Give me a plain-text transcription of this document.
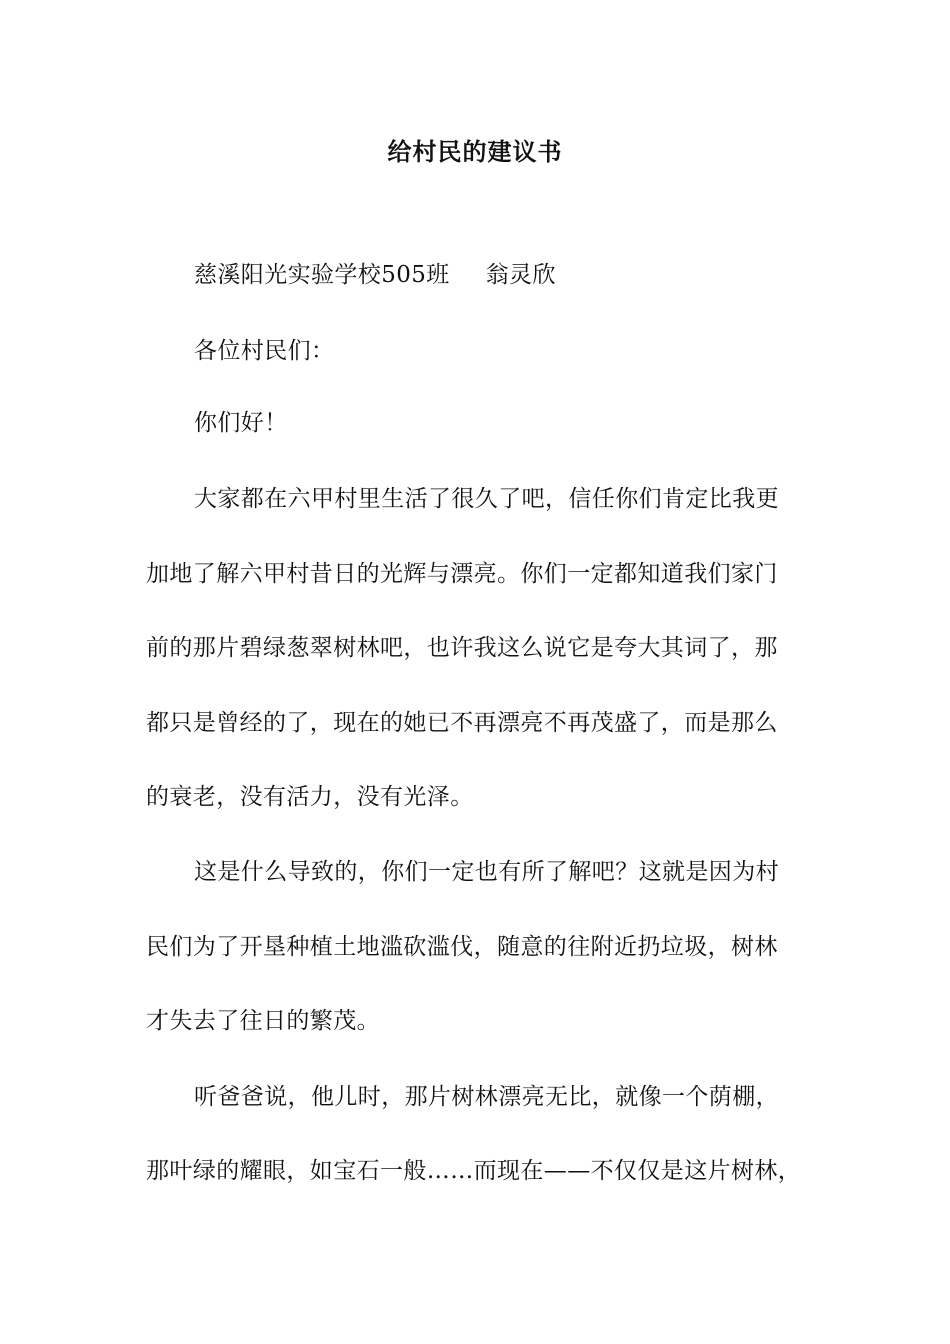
给村民的建议书
慈溪阳光实验学校505班 翁灵欣
各位村民们：
你们好！
大家都在六甲村里生活了很久了吧，信任你们肯定比我更
加地了解六甲村昔日的光辉与漂亮。你们一定都知道我们家门
前的那片碧绿葱翠树林吧，也许我这么说它是夸大其词了，那
都只是曾经的了，现在的她已不再漂亮不再茂盛了，而是那么
的衰老，没有活力，没有光泽。
这是什么导致的，你们一定也有所了解吧？这就是因为村
民们为了开垦种植土地滥砍滥伐，随意的往附近扔垃圾，树林
才失去了往日的繁茂。
听爸爸说，他儿时，那片树林漂亮无比，就像一个荫棚，
那叶绿的耀眼，如宝石一般……而现在——不仅仅是这片树林，
